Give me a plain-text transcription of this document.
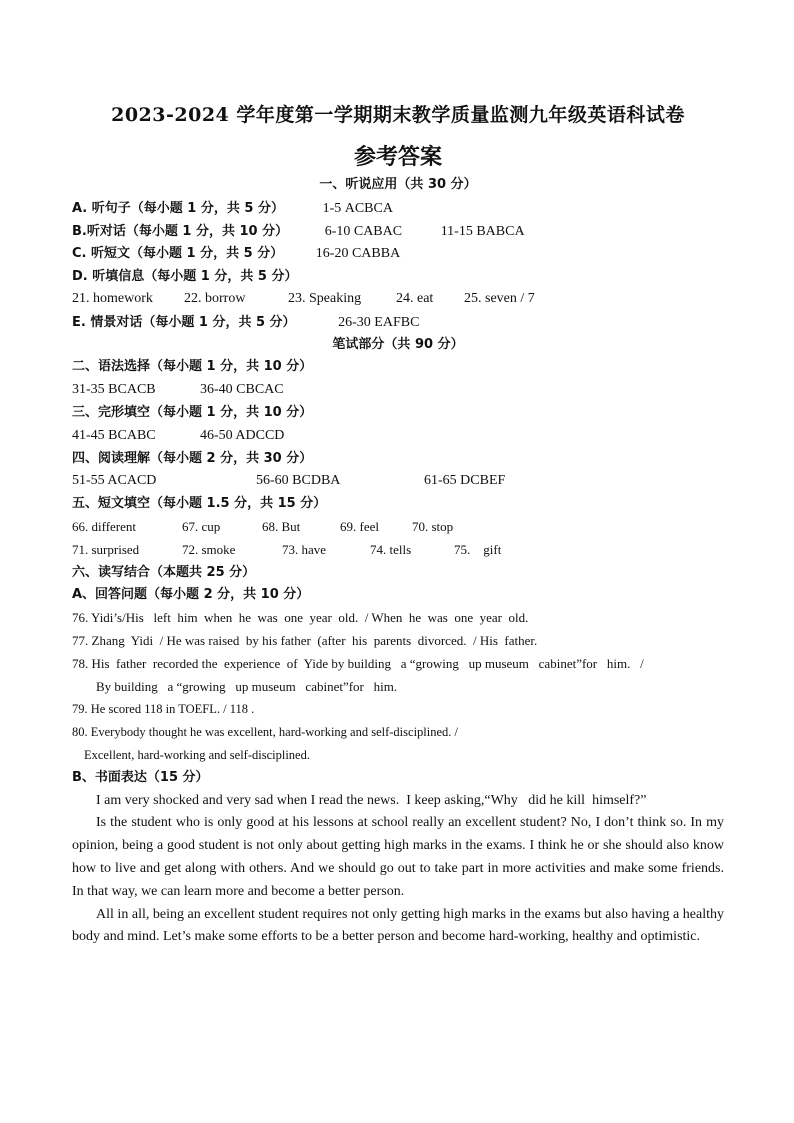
2023-2024 学年度第一学期期末教学质量监测九年级英语科试卷
参考答案
一、听说应用（共 30 分）
A. 听句子（每小题 1 分，共 5 分）	1-5 ACBCA
B.听对话（每小题 1 分，共 10 分）	6-10 CABAC	11-15 BABCA
C. 听短文（每小题 1 分，共 5 分） 16-20 CABBA
D. 听填信息（每小题 1 分，共 5 分）
21. homework 22. borrow	23. Speaking 24. eat 25. seven / 7
E. 情景对话（每小题 1 分，共 5 分）	26-30 EAFBC
笔试部分（共 90 分）
二、语法选择（每小题 1 分，共 10 分）
31-35 BCACB	36-40 CBCAC
三、完形填空（每小题 1 分，共 10 分）
41-45 BCABC	46-50 ADCCD
四、阅读理解（每小题 2 分，共 30 分）
51-55 ACACD	56-60 BCDBA	61-65 DCBEF
五、短文填空（每小题 1.5 分，共 15 分）
66. different	67. cup	68. But	69. feel	70. stop
71. surprised	72. smoke	73. have	74. tells	75.    gift
六、读写结合（本题共 25 分）
A、回答问题（每小题 2 分，共 10 分）
76. Yidi’s/His   left  him  when  he  was  one  year  old.  / When  he  was  one  year  old.
77. Zhang  Yidi  / He was raised  by his father  (after  his  parents  divorced.  / His  father.
78. His  father  recorded the  experience  of  Yide by building   a “growing   up museum   cabinet”for   him.   /
By building   a “growing   up museum   cabinet”for   him.
79. He scored 118 in TOEFL. / 118 .
80. Everybody thought he was excellent, hard-working and self-disciplined. /
Excellent, hard-working and self-disciplined.
B、书面表达（15 分）

I am very shocked and very sad when I read the news.  I keep asking,“Why   did he kill  himself?”

Is the student who is only good at his lessons at school really an excellent student? No, I don’t think so. In my opinion, being a good student is not only about getting high marks in the exams. I think he or she should also know how to live and get along with others. And we should go out to take part in more activities and make some friends. In that way, we can learn more and become a better person.

All in all, being an excellent student requires not only getting high marks in the exams but also having a healthy body and mind. Let’s make some efforts to be a better person and become hard-working, healthy and optimistic.
